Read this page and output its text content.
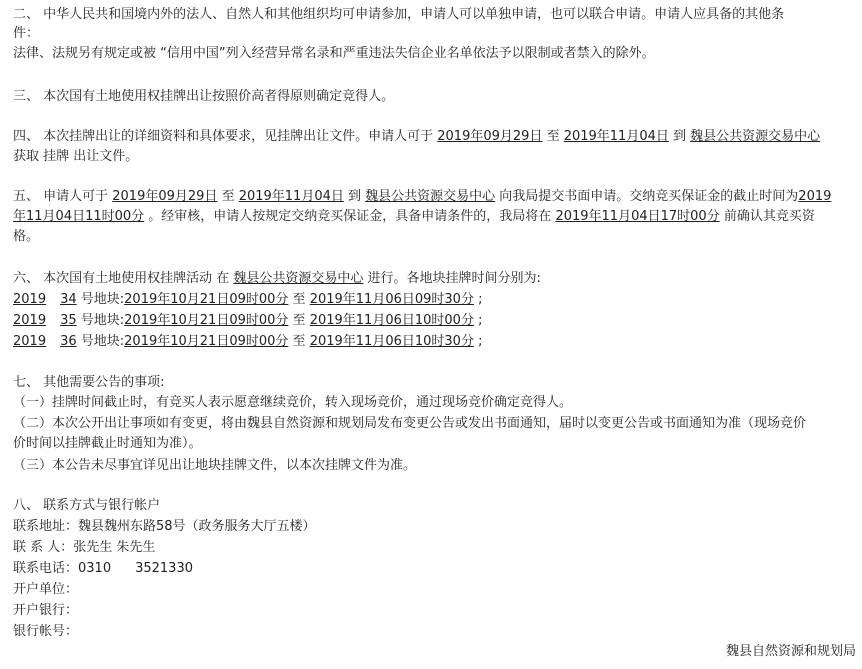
二、 中华人民共和国境内外的法人、自然人和其他组织均可申请参加，申请人可以单独申请，也可以联合申请。申请人应具备的其他条
件：
法律、法规另有规定或被 “信用中国”列入经营异常名录和严重违法失信企业名单依法予以限制或者禁入的除外。
三、 本次国有土地使用权挂牌出让按照价高者得原则确定竞得人。
四、 本次挂牌出让的详细资料和具体要求，见挂牌出让文件。申请人可于 2019年09月29日 至 2019年11月04日 到 魏县公共资源交易中心
获取 挂牌 出让文件。
五、 申请人可于 2019年09月29日 至 2019年11月04日 到 魏县公共资源交易中心 向我局提交书面申请。交纳竞买保证金的截止时间为2019
年11月04日11时00分 。经审核，申请人按规定交纳竞买保证金，具备申请条件的，我局将在 2019年11月04日17时00分 前确认其竞买资
格。
六、 本次国有土地使用权挂牌活动 在 魏县公共资源交易中心 进行。各地块挂牌时间分别为:
2019 34 号地块:2019年10月21日09时00分 至 2019年11月06日09时30分 ;
2019 35 号地块:2019年10月21日09时00分 至 2019年11月06日10时00分 ;
2019 36 号地块:2019年10月21日09时00分 至 2019年11月06日10时30分 ;
七、 其他需要公告的事项:
（一）挂牌时间截止时，有竞买人表示愿意继续竞价，转入现场竞价，通过现场竞价确定竞得人。
（二）本次公开出让事项如有变更，将由魏县自然资源和规划局发布变更公告或发出书面通知，届时以变更公告或书面通知为准（现场竞价
价时间以挂牌截止时通知为准）。
（三）本公告未尽事宜详见出让地块挂牌文件，以本次挂牌文件为准。
八、 联系方式与银行帐户
联系地址：魏县魏州东路58号（政务服务大厅五楼）
联 系 人：张先生 朱先生
联系电话：0310 3521330
开户单位：
开户银行：
银行帐号：
魏县自然资源和规划局
